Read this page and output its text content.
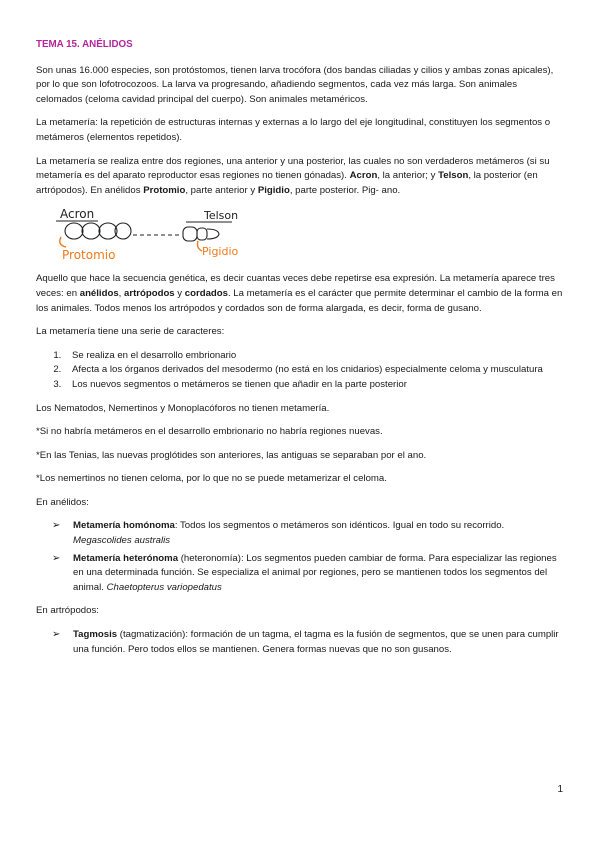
TEMA 15. ANÉLIDOS

Son unas 16.000 especies, son protóstomos, tienen larva trocófora (dos bandas ciliadas y cilios y ambas zonas apicales), por lo que son lofotrocozoos. La larva va progresando, añadiendo segmentos, cada vez más larga. Son animales celomados (celoma cavidad principal del cuerpo). Son animales metaméricos.

La metamería: la repetición de estructuras internas y externas a lo largo del eje longitudinal, constituyen los segmentos o metámeros (elementos repetidos).

La metamería se realiza entre dos regiones, una anterior y una posterior, las cuales no son verdaderos metámeros (si su metamería es del aparato reproductor esas regiones no tienen gónadas). Acron, la anterior; y Telson, la posterior (en artrópodos). En anélidos Protomio, parte anterior y Pigidio, parte posterior. Pig- ano.

Acron	Telson
Protomio	Pigidio

Aquello que hace la secuencia genética, es decir cuantas veces debe repetirse esa expresión. La metamería aparece tres veces: en anélidos, artrópodos y cordados. La metamería es el carácter que permite determinar el cambio de la forma en los animales. Todos menos los artrópodos y cordados son de forma alargada, es decir, forma de gusano.

La metamería tiene una serie de caracteres:

1. Se realiza en el desarrollo embrionario
2. Afecta a los órganos derivados del mesodermo (no está en los cnidarios) especialmente celoma y musculatura
3. Los nuevos segmentos o metámeros se tienen que añadir en la parte posterior

Los Nematodos, Nemertinos y Monoplacóforos no tienen metamería.

*Si no habría metámeros en el desarrollo embrionario no habría regiones nuevas.

*En las Tenias, las nuevas proglótides son anteriores, las antiguas se separaban por el ano.

*Los nemertinos no tienen celoma, por lo que no se puede metamerizar el celoma.

En anélidos:

➢ Metamería homónoma: Todos los segmentos o metámeros son idénticos. Igual en todo su recorrido. Megascolides australis
➢ Metamería heterónoma (heteronomía): Los segmentos pueden cambiar de forma. Para especializar las regiones en una determinada función. Se especializa el animal por regiones, pero se mantienen todos los segmentos del animal. Chaetopterus variopedatus

En artrópodos:

➢ Tagmosis (tagmatización): formación de un tagma, el tagma es la fusión de segmentos, que se unen para cumplir una función. Pero todos ellos se mantienen. Genera formas nuevas que no son gusanos.
1
